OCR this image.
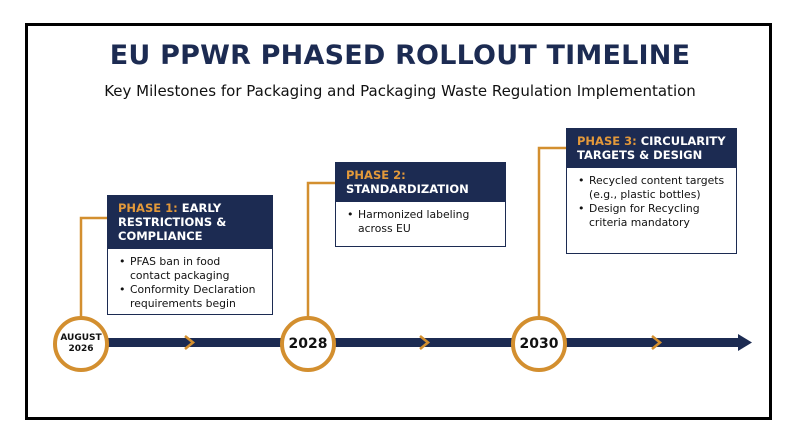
EU PPWR PHASED ROLLOUT TIMELINE
Key Milestones for Packaging and Packaging Waste Regulation Implementation
PHASE 1: EARLY RESTRICTIONS & COMPLIANCE
• PFAS ban in food contact packaging
• Conformity Declaration requirements begin
PHASE 2:
STANDARDIZATION
• Harmonized labeling across EU
PHASE 3: CIRCULARITY TARGETS & DESIGN
• Recycled content targets (e.g., plastic bottles)
• Design for Recycling criteria mandatory
AUGUST
2026	2028	2030
